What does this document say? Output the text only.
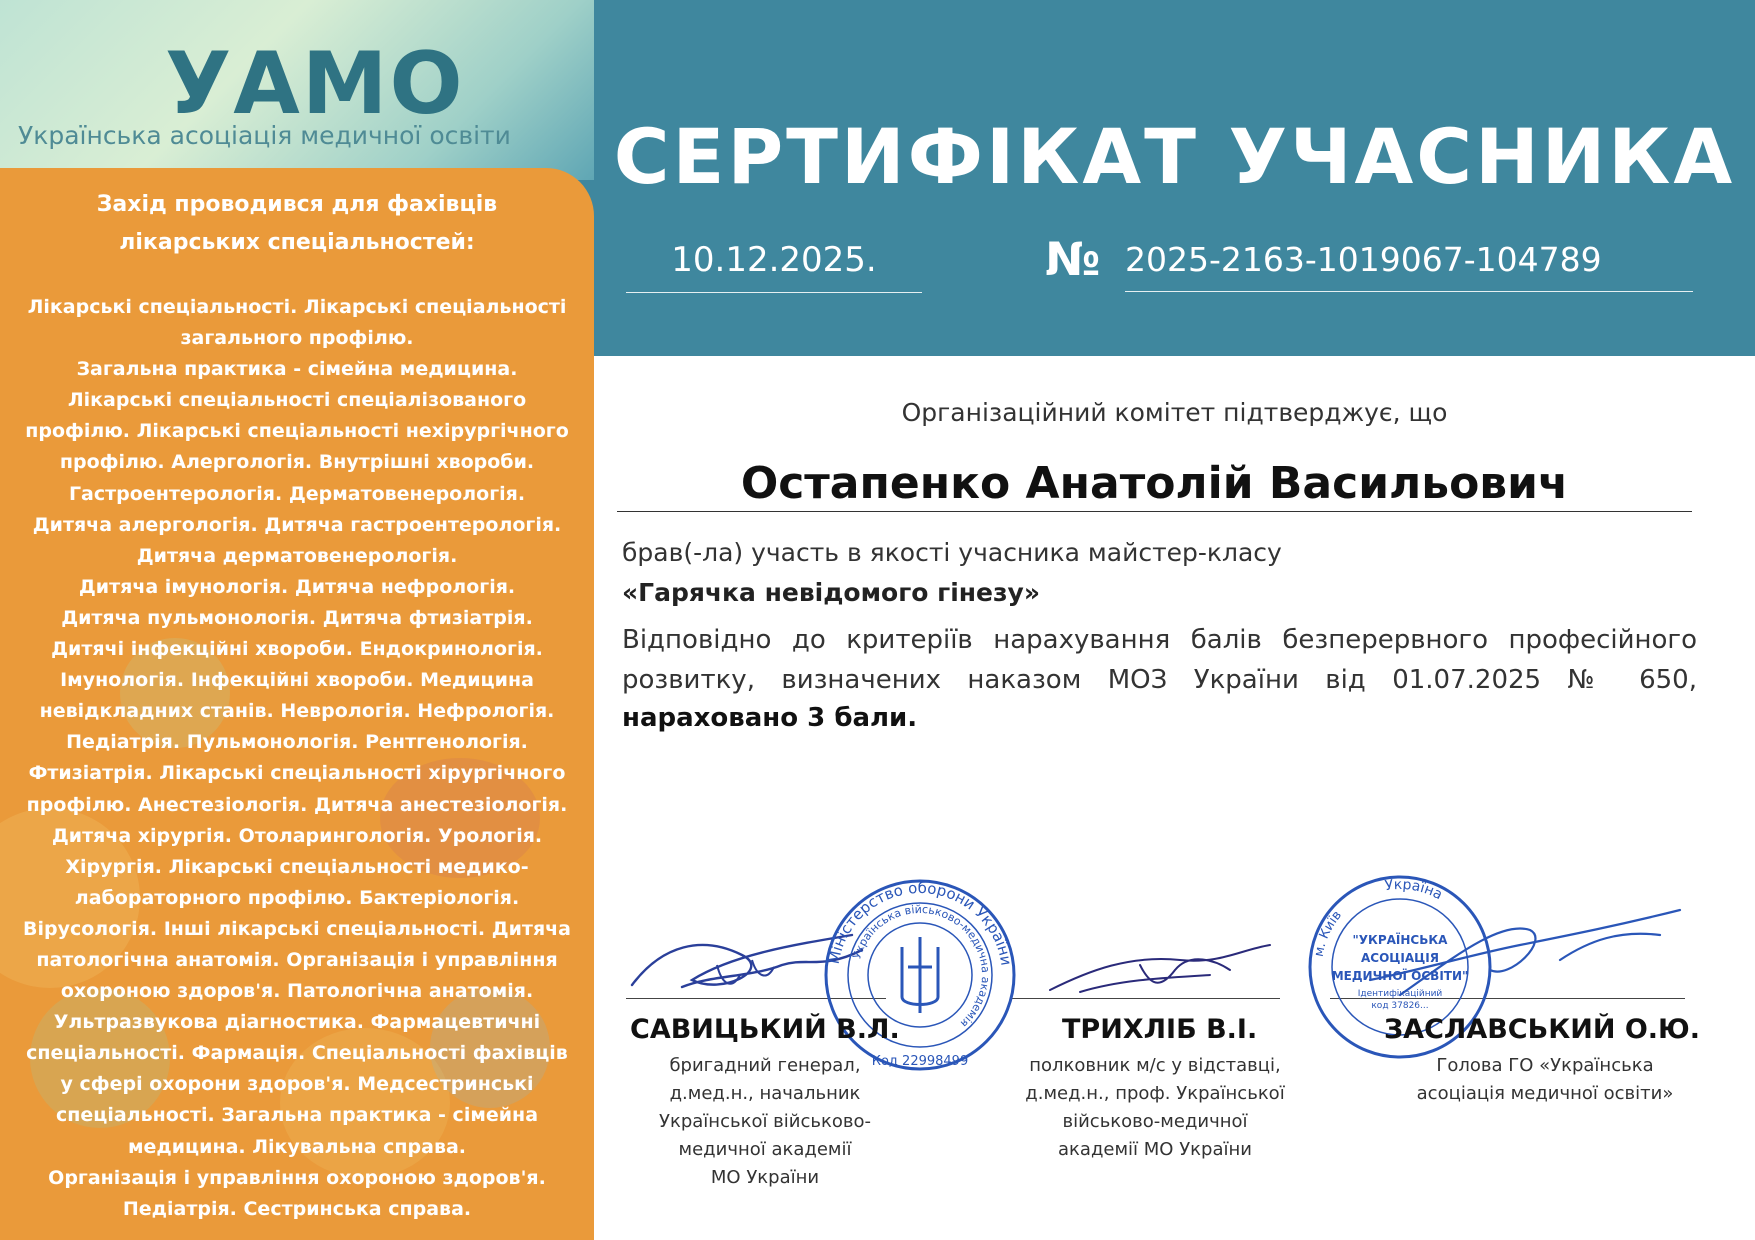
УАМО
Українська асоціація медичної освіти
Захід проводився для фахівців
лікарських спеціальностей:
Лікарські спеціальності. Лікарські спеціальності
загального профілю.
Загальна практика - сімейна медицина.
Лікарські спеціальності спеціалізованого
профілю. Лікарські спеціальності нехірургічного
профілю. Алергологія. Внутрішні хвороби.
Гастроентерологія. Дерматовенерологія.
Дитяча алергологія. Дитяча гастроентерологія.
Дитяча дерматовенерологія.
Дитяча імунологія. Дитяча нефрологія.
Дитяча пульмонологія. Дитяча фтизіатрія.
Дитячі інфекційні хвороби. Ендокринологія.
Імунологія. Інфекційні хвороби. Медицина
невідкладних станів. Неврологія. Нефрологія.
Педіатрія. Пульмонологія. Рентгенологія.
Фтизіатрія. Лікарські спеціальності хірургічного
профілю. Анестезіологія. Дитяча анестезіологія.
Дитяча хірургія. Отоларингологія. Урологія.
Хірургія. Лікарські спеціальності медико-
лабораторного профілю. Бактеріологія.
Вірусологія. Інші лікарські спеціальності. Дитяча
патологічна анатомія. Організація і управління
охороною здоров'я. Патологічна анатомія.
Ультразвукова діагностика. Фармацевтичні
спеціальності. Фармація. Спеціальності фахівців
у сфері охорони здоров'я. Медсестринські
спеціальності. Загальна практика - сімейна
медицина. Лікувальна справа.
Організація і управління охороною здоров'я.
Педіатрія. Сестринська справа.
СЕРТИФІКАТ УЧАСНИКА
10.12.2025.	№ 2025-2163-1019067-104789
Організаційний комітет підтверджує, що
Остапенко Анатолій Васильович
брав(-ла) участь в якості учасника майстер-класу
«Гарячка невідомого гінезу»
Відповідно до критеріїв нарахування балів безперервного професійного розвитку, визначених наказом МОЗ України від 01.07.2025 № 650,
нараховано 3 бали.
Міністерство оборони України
Українська військово-медична академія
Код 22998499
Україна
м. Київ
"УКРАЇНСЬКА
АСОЦІАЦІЯ
МЕДИЧНОЇ ОСВІТИ"
Ідентифікаційний
код 37826...
САВИЦЬКИЙ В.Л.	ТРИХЛІБ В.І.	ЗАСЛАВСЬКИЙ О.Ю.
бригадний генерал,
д.мед.н., начальник
Української військово-
медичної академії
МО України
полковник м/с у відставці,
д.мед.н., проф. Української
військово-медичної
академії МО України
Голова ГО «Українська
асоціація медичної освіти»
